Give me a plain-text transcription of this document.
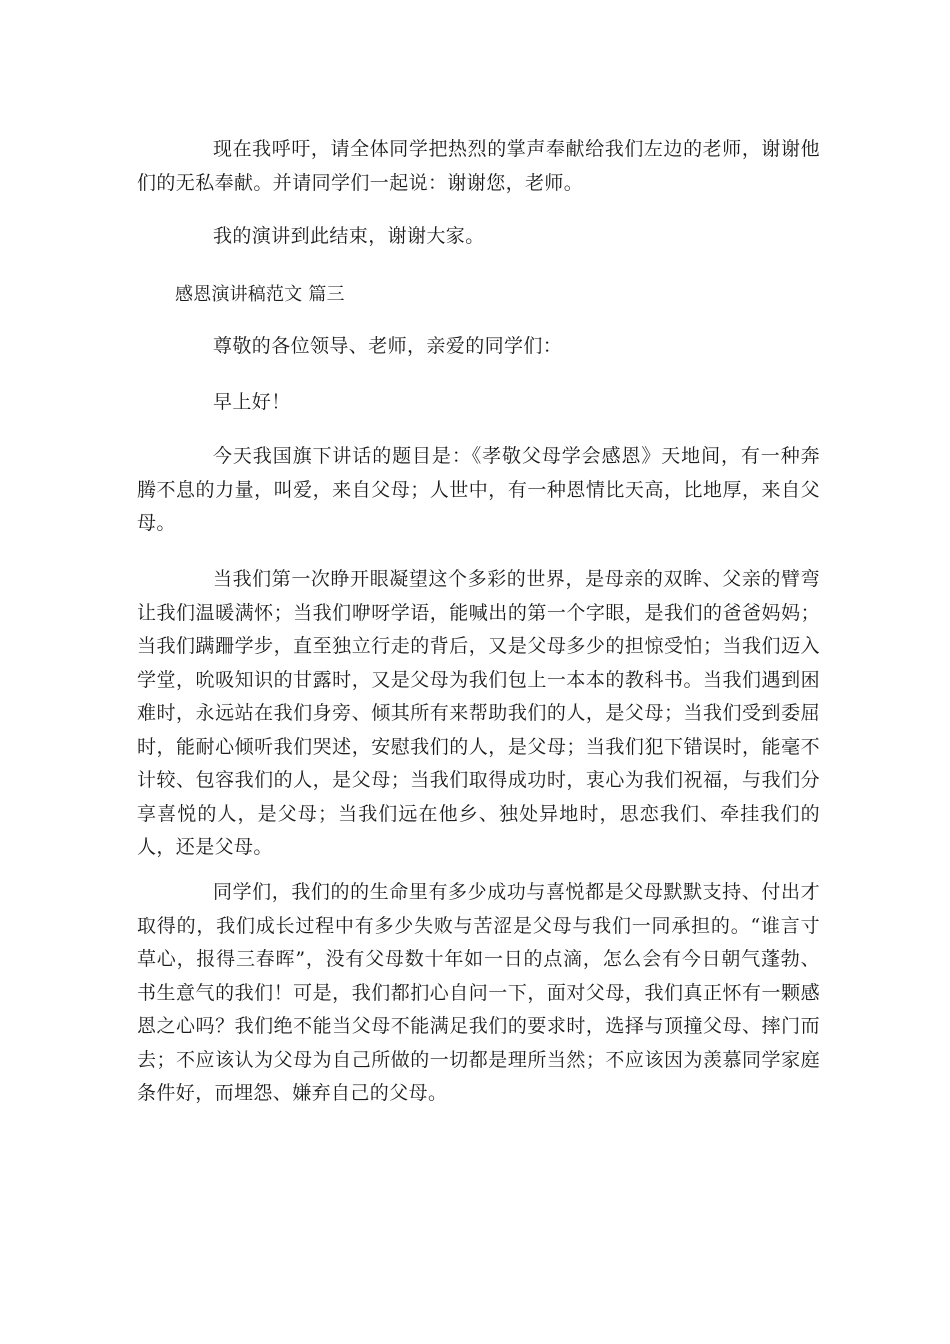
现在我呼吁，请全体同学把热烈的掌声奉献给我们左边的老师，谢谢他们的无私奉献。并请同学们一起说：谢谢您，老师。

我的演讲到此结束，谢谢大家。

感恩演讲稿范文 篇三

尊敬的各位领导、老师，亲爱的同学们：

早上好！

今天我国旗下讲话的题目是：《孝敬父母学会感恩》天地间，有一种奔腾不息的力量，叫爱，来自父母；人世中，有一种恩情比天高，比地厚，来自父母。

当我们第一次睁开眼凝望这个多彩的世界，是母亲的双眸、父亲的臂弯让我们温暖满怀；当我们咿呀学语，能喊出的第一个字眼，是我们的爸爸妈妈；当我们蹒跚学步，直至独立行走的背后，又是父母多少的担惊受怕；当我们迈入学堂，吮吸知识的甘露时，又是父母为我们包上一本本的教科书。当我们遇到困难时，永远站在我们身旁、倾其所有来帮助我们的人，是父母；当我们受到委屈时，能耐心倾听我们哭述，安慰我们的人，是父母；当我们犯下错误时，能毫不计较、包容我们的人，是父母；当我们取得成功时，衷心为我们祝福，与我们分享喜悦的人，是父母；当我们远在他乡、独处异地时，思恋我们、牵挂我们的人，还是父母。

同学们，我们的的生命里有多少成功与喜悦都是父母默默支持、付出才取得的，我们成长过程中有多少失败与苦涩是父母与我们一同承担的。“谁言寸草心，报得三春晖”，没有父母数十年如一日的点滴，怎么会有今日朝气蓬勃、书生意气的我们！可是，我们都扪心自问一下，面对父母，我们真正怀有一颗感恩之心吗？我们绝不能当父母不能满足我们的要求时，选择与顶撞父母、摔门而去；不应该认为父母为自己所做的一切都是理所当然；不应该因为羡慕同学家庭条件好，而埋怨、嫌弃自己的父母。
